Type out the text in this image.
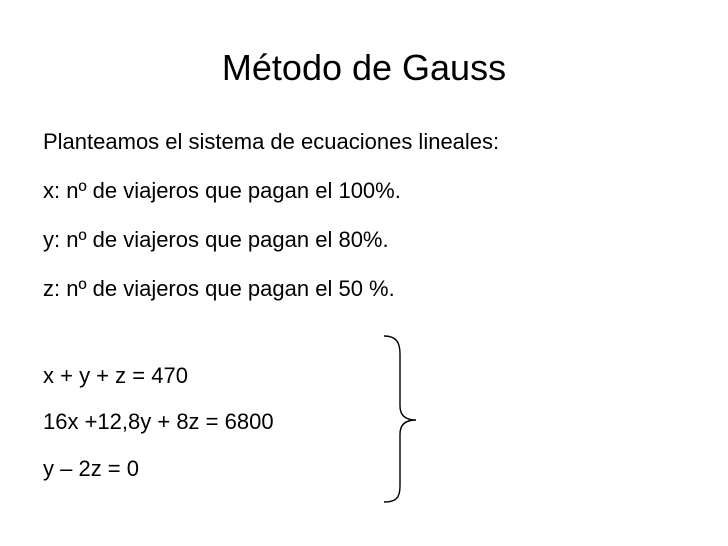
Método de Gauss

Planteamos el sistema de ecuaciones lineales:

x: nº de viajeros que pagan el 100%.

y: nº de viajeros que pagan el 80%.

z: nº de viajeros que pagan el 50 %.

x + y + z = 470

16x +12,8y + 8z = 6800

y – 2z = 0
